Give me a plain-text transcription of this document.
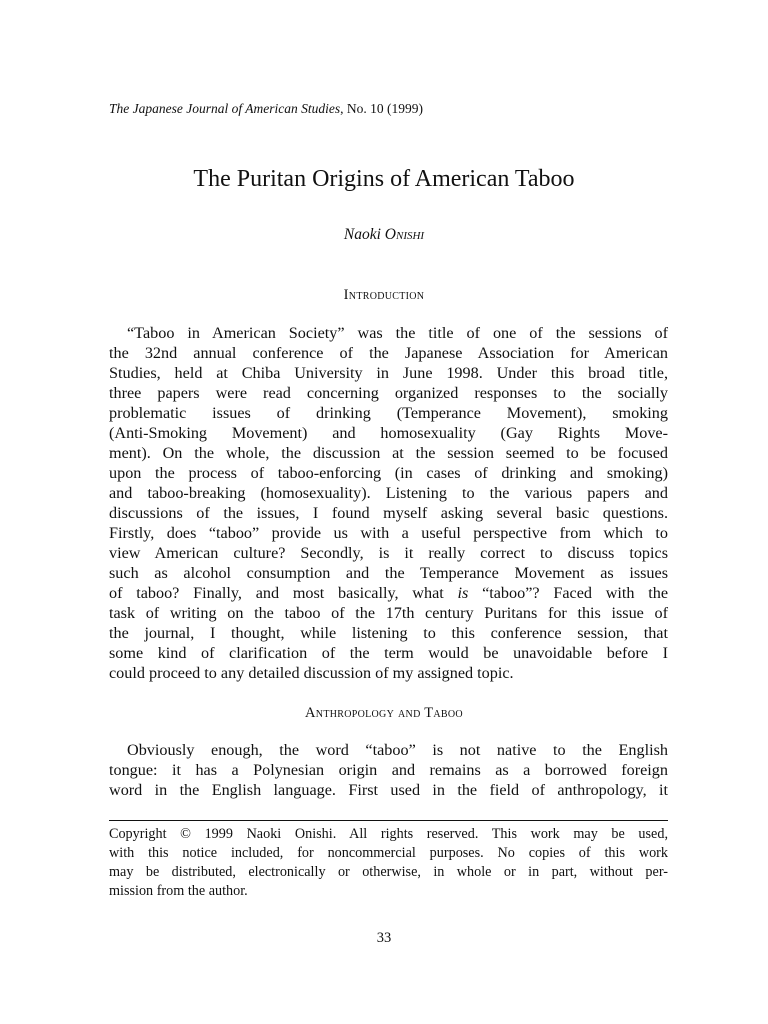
The Japanese Journal of American Studies, No. 10 (1999)
The Puritan Origins of American Taboo
Naoki Onishi
Introduction
“Taboo in American Society” was the title of one of the sessions of
the 32nd annual conference of the Japanese Association for American
Studies, held at Chiba University in June 1998. Under this broad title,
three papers were read concerning organized responses to the socially
problematic issues of drinking (Temperance Movement), smoking
(Anti-Smoking Movement) and homosexuality (Gay Rights Move-
ment). On the whole, the discussion at the session seemed to be focused
upon the process of taboo-enforcing (in cases of drinking and smoking)
and taboo-breaking (homosexuality). Listening to the various papers and
discussions of the issues, I found myself asking several basic questions.
Firstly, does “taboo” provide us with a useful perspective from which to
view American culture? Secondly, is it really correct to discuss topics
such as alcohol consumption and the Temperance Movement as issues
of taboo? Finally, and most basically, what is “taboo”? Faced with the
task of writing on the taboo of the 17th century Puritans for this issue of
the journal, I thought, while listening to this conference session, that
some kind of clarification of the term would be unavoidable before I
could proceed to any detailed discussion of my assigned topic.
Anthropology and Taboo
Obviously enough, the word “taboo” is not native to the English
tongue: it has a Polynesian origin and remains as a borrowed foreign
word in the English language. First used in the field of anthropology, it
Copyright © 1999 Naoki Onishi. All rights reserved. This work may be used,
with this notice included, for noncommercial purposes. No copies of this work
may be distributed, electronically or otherwise, in whole or in part, without per-
mission from the author.
33
